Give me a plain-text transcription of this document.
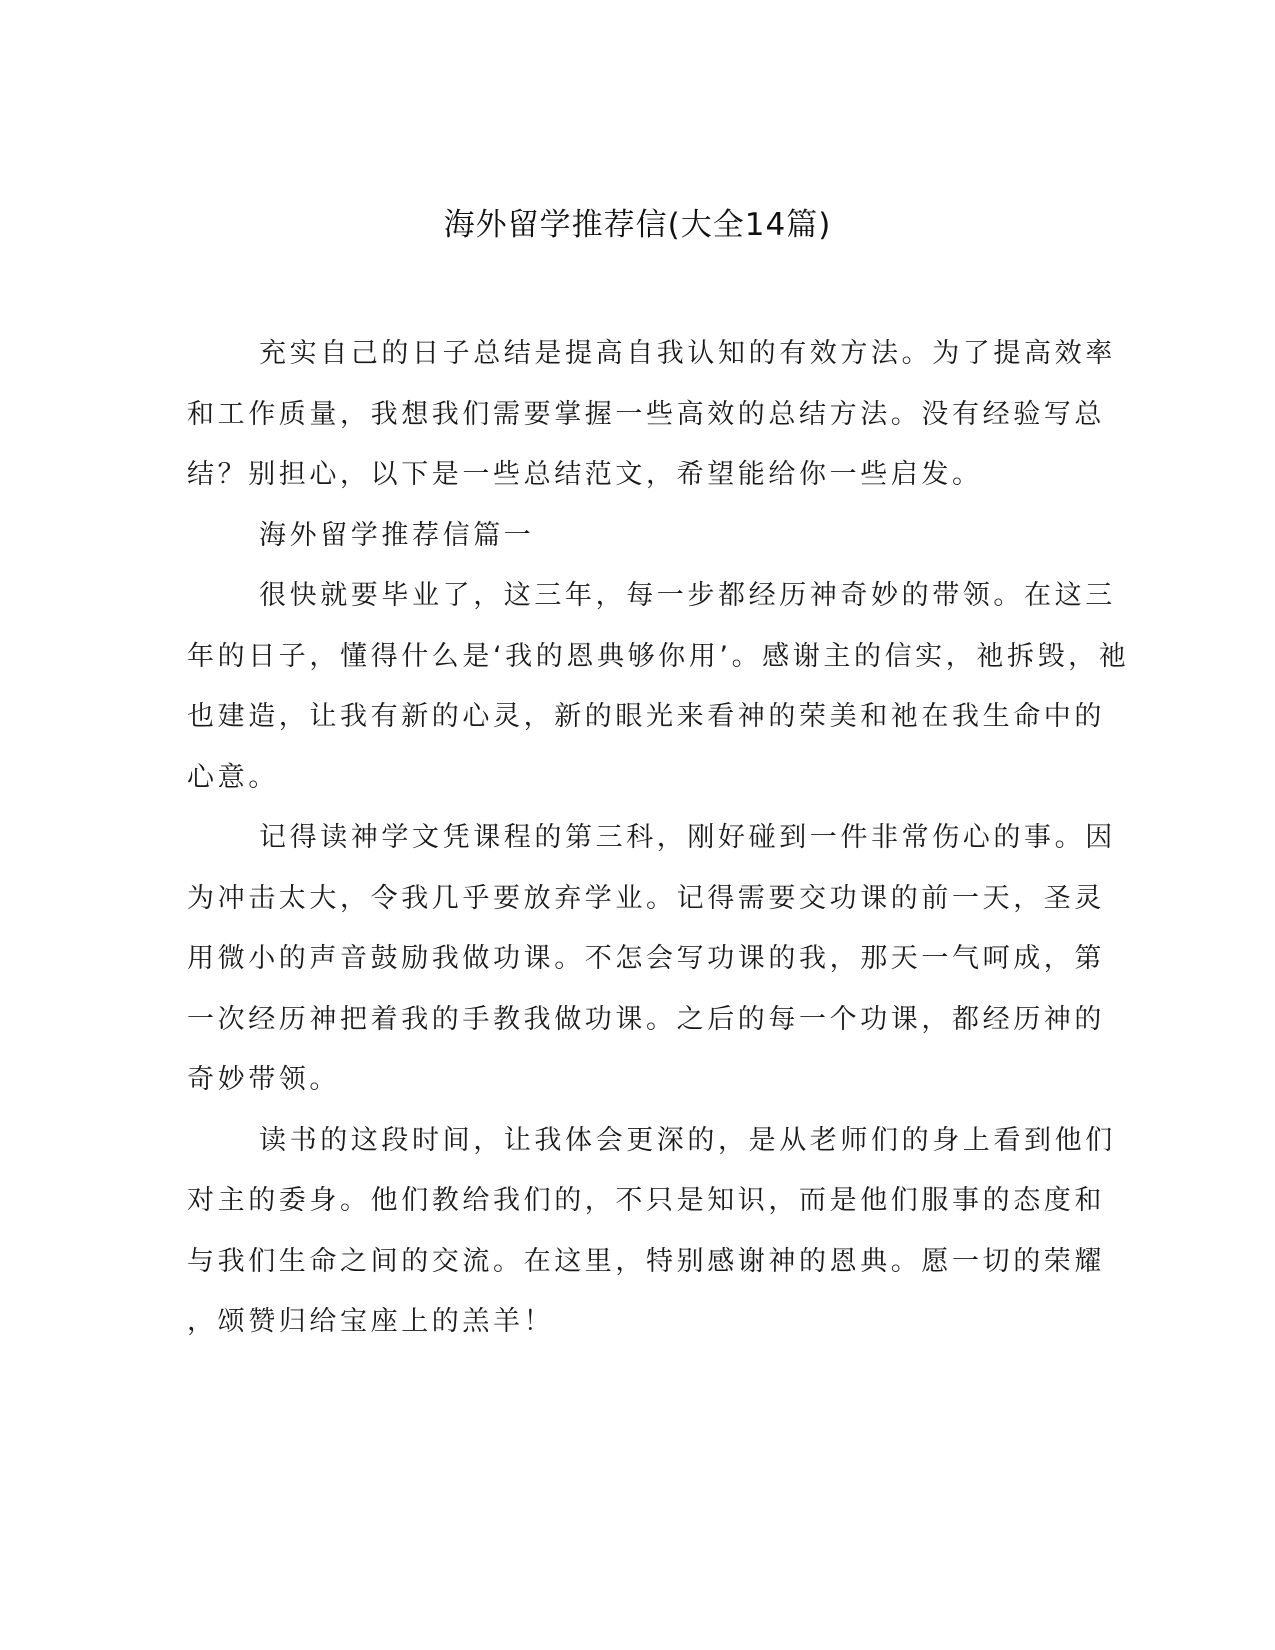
海外留学推荐信(大全14篇)
充实自己的日子总结是提高自我认知的有效方法。为了提高效率
和工作质量，我想我们需要掌握一些高效的总结方法。没有经验写总
结？别担心，以下是一些总结范文，希望能给你一些启发。
海外留学推荐信篇一
很快就要毕业了，这三年，每一步都经历神奇妙的带领。在这三
年的日子，懂得什么是‘我的恩典够你用’。感谢主的信实，祂拆毁，祂
也建造，让我有新的心灵，新的眼光来看神的荣美和祂在我生命中的
心意。
记得读神学文凭课程的第三科，刚好碰到一件非常伤心的事。因
为冲击太大，令我几乎要放弃学业。记得需要交功课的前一天，圣灵
用微小的声音鼓励我做功课。不怎会写功课的我，那天一气呵成，第
一次经历神把着我的手教我做功课。之后的每一个功课，都经历神的
奇妙带领。
读书的这段时间，让我体会更深的，是从老师们的身上看到他们
对主的委身。他们教给我们的，不只是知识，而是他们服事的态度和
与我们生命之间的交流。在这里，特别感谢神的恩典。愿一切的荣耀
，颂赞归给宝座上的羔羊！
